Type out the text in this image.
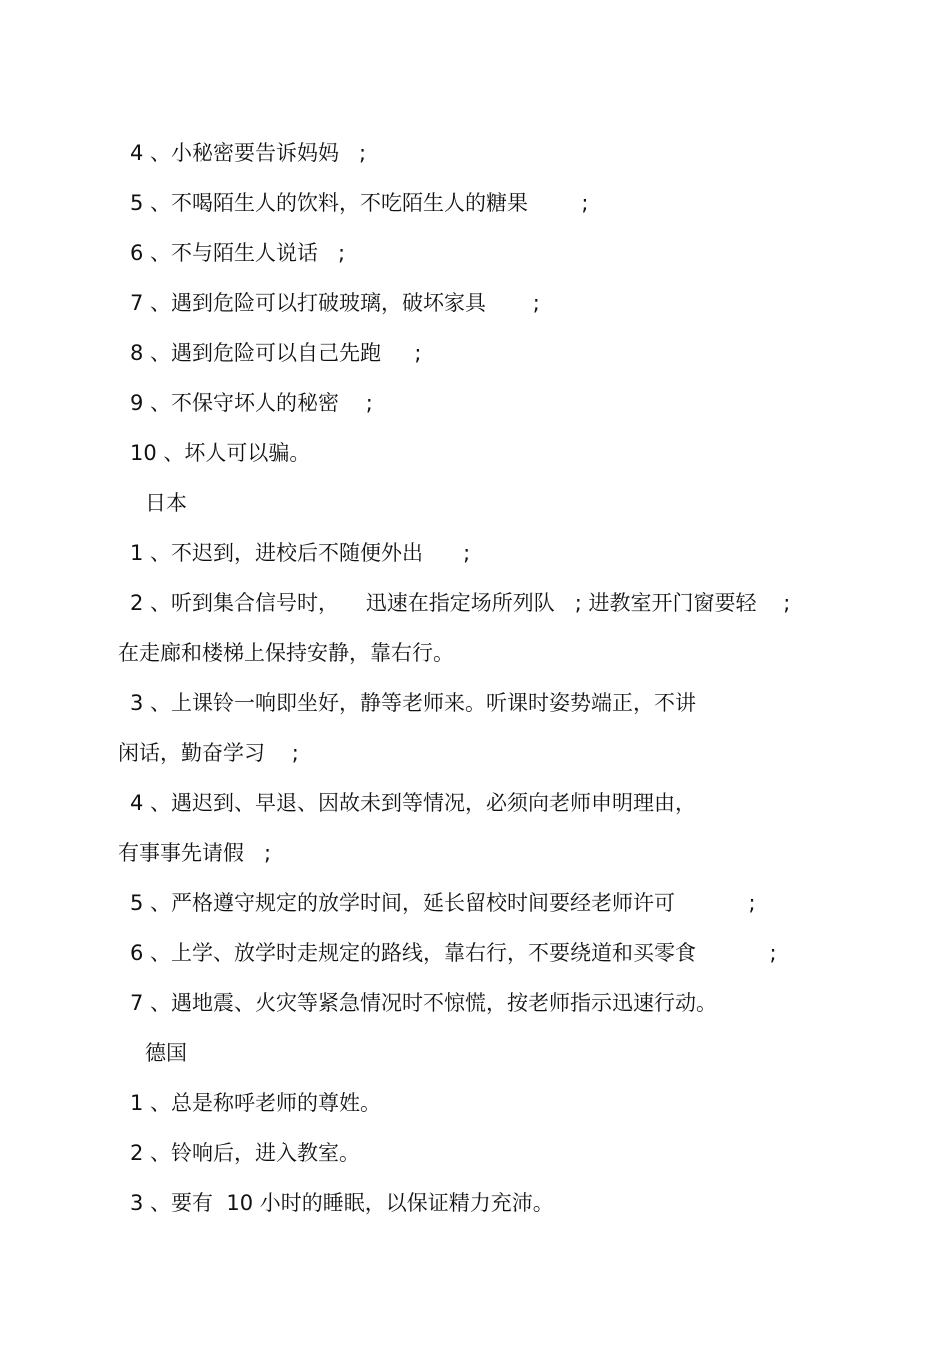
4 、小秘密要告诉妈妈   ;
5 、不喝陌生人的饮料，不吃陌生人的糖果        ;
6 、不与陌生人说话   ;
7 、遇到危险可以打破玻璃，破坏家具       ;
8 、遇到危险可以自己先跑     ;
9 、不保守坏人的秘密    ;
10 、坏人可以骗。
日本
1 、不迟到，进校后不随便外出      ;
2 、听到集合信号时，    迅速在指定场所列队   ; 进教室开门窗要轻    ;
在走廊和楼梯上保持安静，靠右行。
3 、上课铃一响即坐好，静等老师来。听课时姿势端正，不讲
闲话，勤奋学习    ;
4 、遇迟到、早退、因故未到等情况，必须向老师申明理由，
有事事先请假   ;
5 、严格遵守规定的放学时间，延长留校时间要经老师许可           ;
6 、上学、放学时走规定的路线，靠右行，不要绕道和买零食           ;
7 、遇地震、火灾等紧急情况时不惊慌，按老师指示迅速行动。
德国
1 、总是称呼老师的尊姓。
2 、铃响后，进入教室。
3 、要有  10 小时的睡眠，以保证精力充沛。
